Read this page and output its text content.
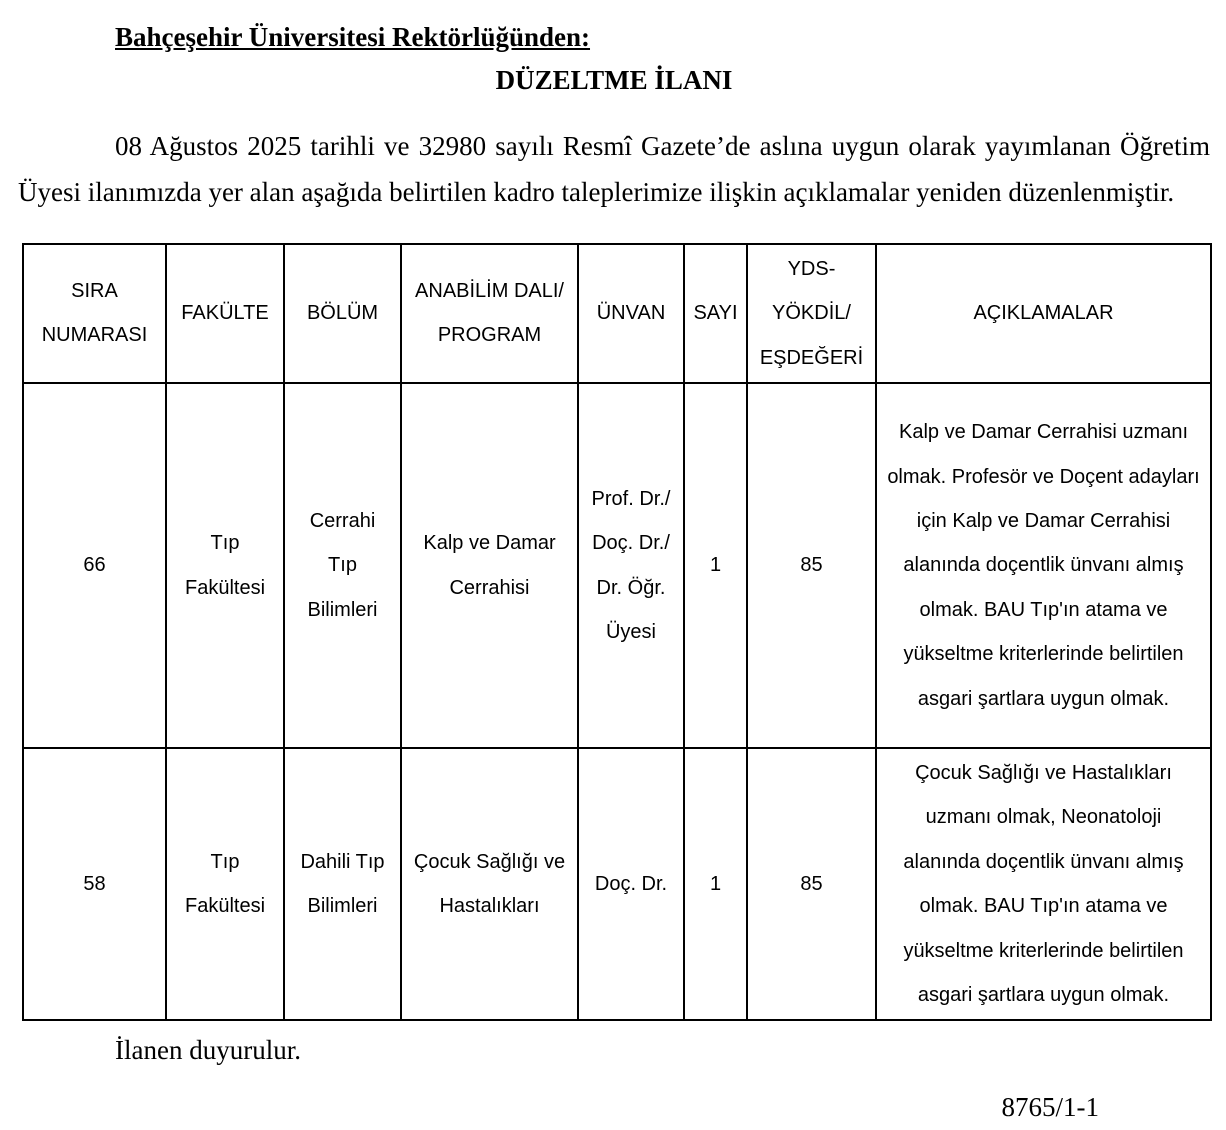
Bahçeşehir Üniversitesi Rektörlüğünden:

DÜZELTME İLANI

08 Ağustos 2025 tarihli ve 32980 sayılı Resmî Gazete’de aslına uygun olarak yayımlanan Öğretim Üyesi ilanımızda yer alan aşağıda belirtilen kadro taleplerimize ilişkin açıklamalar yeniden düzenlenmiştir.

SIRA NUMARASI	FAKÜLTE	BÖLÜM	ANABİLİM DALI/ PROGRAM	ÜNVAN	SAYI	YDS- YÖKDİL/ EŞDEĞERİ	AÇIKLAMALAR
66	Tıp Fakültesi	Cerrahi Tıp Bilimleri	Kalp ve Damar Cerrahisi	Prof. Dr./ Doç. Dr./ Dr. Öğr. Üyesi	1	85	Kalp ve Damar Cerrahisi uzmanı olmak. Profesör ve Doçent adayları için Kalp ve Damar Cerrahisi alanında doçentlik ünvanı almış olmak. BAU Tıp'ın atama ve yükseltme kriterlerinde belirtilen asgari şartlara uygun olmak.
58	Tıp Fakültesi	Dahili Tıp Bilimleri	Çocuk Sağlığı ve Hastalıkları	Doç. Dr.	1	85	Çocuk Sağlığı ve Hastalıkları uzmanı olmak, Neonatoloji alanında doçentlik ünvanı almış olmak. BAU Tıp'ın atama ve yükseltme kriterlerinde belirtilen asgari şartlara uygun olmak.

İlanen duyurulur.

8765/1-1
